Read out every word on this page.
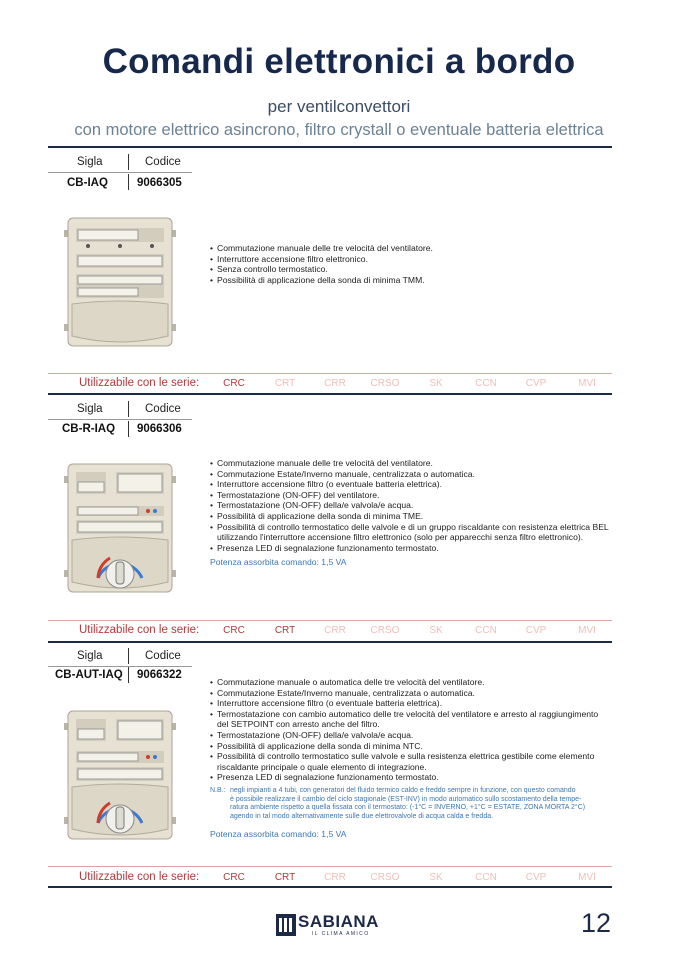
Comandi elettronici a bordo
per ventilconvettori
con motore elettrico asincrono, filtro crystall o eventuale batteria elettrica
Sigla	Codice
CB-IAQ	9066305
• Commutazione manuale delle tre velocità del ventilatore.
• Interruttore accensione filtro elettronico.
• Senza controllo termostatico.
• Possibilità di applicazione della sonda di minima TMM.
Utilizzabile con le serie:	CRC	CRT	CRR	CRSO	SK	CCN	CVP	MVI
Sigla	Codice
CB-R-IAQ 9066306
• Commutazione manuale delle tre velocità del ventilatore.
• Commutazione Estate/Inverno manuale, centralizzata o automatica.
• Interruttore accensione filtro (o eventuale batteria elettrica).
• Termostatazione (ON-OFF) del ventilatore.
• Termostatazione (ON-OFF) della/e valvola/e acqua.
• Possibilità di applicazione della sonda di minima TME.
• Possibilità di controllo termostatico delle valvole e di un gruppo riscaldante con resistenza elettrica BEL
utilizzando l'interruttore accensione filtro elettronico (solo per apparecchi senza filtro elettronico).
• Presenza LED di segnalazione funzionamento termostato.
Potenza assorbita comando: 1,5 VA
Utilizzabile con le serie:	CRC	CRT	CRR	CRSO	SK	CCN	CVP	MVI
Sigla	Codice
CB-AUT-IAQ 9066322
• Commutazione manuale o automatica delle tre velocità del ventilatore.
• Commutazione Estate/Inverno manuale, centralizzata o automatica.
• Interruttore accensione filtro (o eventuale batteria elettrica).
• Termostatazione con cambio automatico delle tre velocità del ventilatore e arresto al raggiungimento
del SETPOINT con arresto anche del filtro.
• Termostatazione (ON-OFF) della/e valvola/e acqua.
• Possibilità di applicazione della sonda di minima NTC.
• Possibilità di controllo termostatico sulle valvole e sulla resistenza elettrica gestibile come elemento
riscaldante principale o quale elemento di integrazione.
• Presenza LED di segnalazione funzionamento termostato.
N.B.: negli impianti a 4 tubi, con generatori del fluido termico caldo e freddo sempre in funzione, con questo comando
è possibile realizzare il cambio del ciclo stagionale (EST-INV) in modo automatico sullo scostamento della tempe-
ratura ambiente rispetto a quella fissata con il termostato: (-1°C = INVERNO, +1°C = ESTATE, ZONA MORTA 2°C)
agendo in tal modo alternativamente sulle due elettrovalvole di acqua calda e fredda.
Potenza assorbita comando: 1,5 VA
Utilizzabile con le serie:	CRC	CRT	CRR	CRSO	SK	CCN	CVP	MVI
SABIANA
IL CLIMA AMICO	12
